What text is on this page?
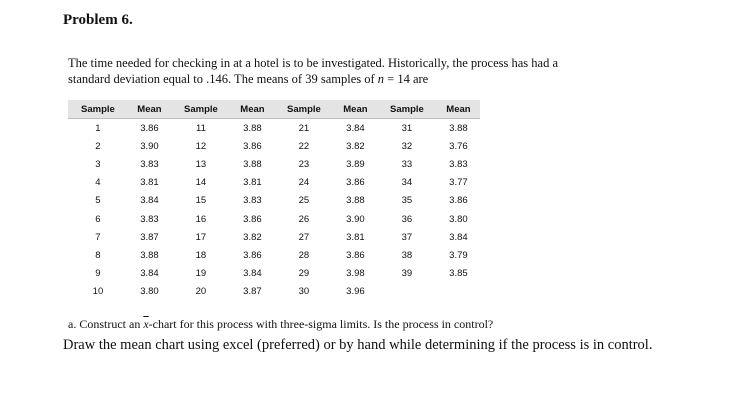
Problem 6.
The time needed for checking in at a hotel is to be investigated. Historically, the process has had a
standard deviation equal to .146. The means of 39 samples of n = 14 are
Sample	Mean	Sample	Mean	Sample	Mean	Sample	Mean
1	3.86	11	3.88	21	3.84	31	3.88
2	3.90	12	3.86	22	3.82	32	3.76
3	3.83	13	3.88	23	3.89	33	3.83
4	3.81	14	3.81	24	3.86	34	3.77
5	3.84	15	3.83	25	3.88	35	3.86
6	3.83	16	3.86	26	3.90	36	3.80
7	3.87	17	3.82	27	3.81	37	3.84
8	3.88	18	3.86	28	3.86	38	3.79
9	3.84	19	3.84	29	3.98	39	3.85
10	3.80	20	3.87	30	3.96		
a. Construct an $\overline{x}$-chart for this process with three-sigma limits. Is the process in control?
Draw the mean chart using excel (preferred) or by hand while determining if the process is in control.
